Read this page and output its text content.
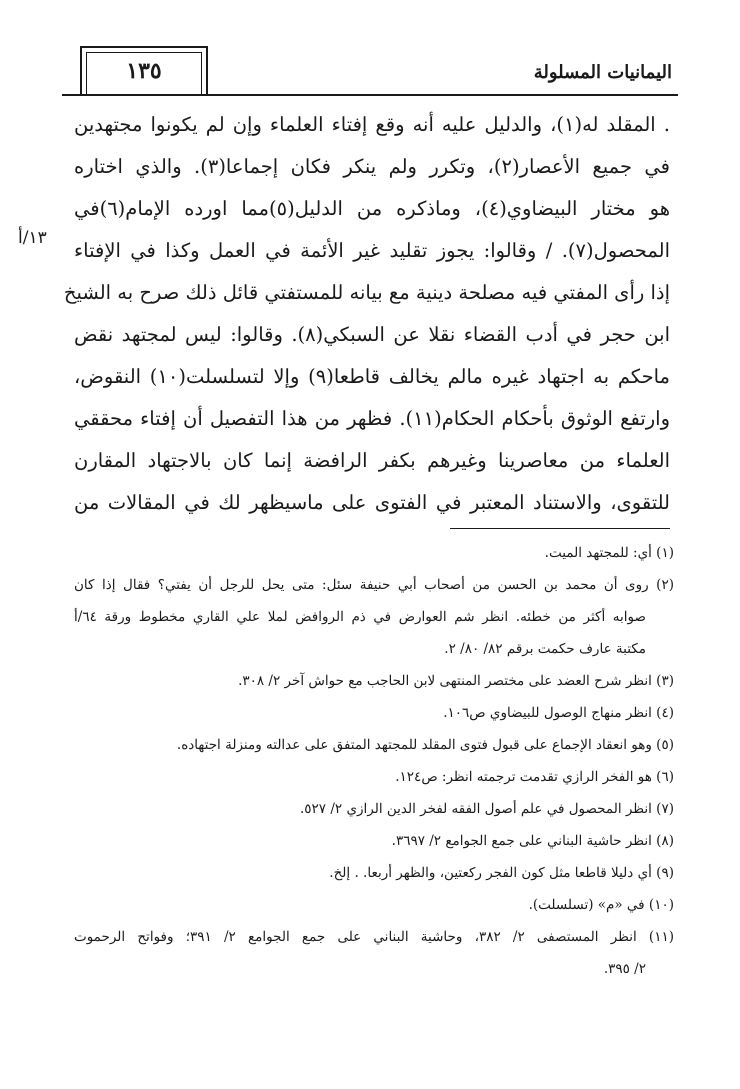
١٣٥	اليمانيات المسلولة
١٣/أ
. المقلد له(١)، والدليل عليه أنه وقع إفتاء العلماء وإن لم يكونوا مجتهدين
في جميع الأعصار(٢)، وتكرر ولم ينكر فكان إجماعا(٣). والذي اختاره
هو مختار البيضاوي(٤)، وماذكره من الدليل(٥)مما اورده الإمام(٦)في
المحصول(٧). / وقالوا: يجوز تقليد غير الأئمة في العمل وكذا في الإفتاء
إذا رأى المفتي فيه مصلحة دينية مع بيانه للمستفتي قائل ذلك صرح به الشيخ
ابن حجر في أدب القضاء نقلا عن السبكي(٨). وقالوا: ليس لمجتهد نقض
ماحكم به اجتهاد غيره مالم يخالف قاطعا(٩) وإلا لتسلسلت(١٠) النقوض،
وارتفع الوثوق بأحكام الحكام(١١). فظهر من هذا التفصيل أن إفتاء محققي
العلماء من معاصرينا وغيرهم بكفر الرافضة إنما كان بالاجتهاد المقارن
للتقوى، والاستناد المعتبر في الفتوى على ماسيظهر لك في المقالات من
(١) أي: للمجتهد الميت.
(٢) روى أن محمد بن الحسن من أصحاب أبي حنيفة سئل: متى يحل للرجل أن يفتي؟ فقال إذا كان
صوابه أكثر من خطئه. انظر شم العوارض في ذم الروافض لملا علي القاري مخطوط ورقة ٦٤/أ
مكتبة عارف حكمت برقم ٨٢/ ٨٠/ ٢.
(٣) انظر شرح العضد على مختصر المنتهى لابن الحاجب مع حواش آخر ٢/ ٣٠٨.
(٤) انظر منهاج الوصول للبيضاوي ص١٠٦.
(٥) وهو انعقاد الإجماع على قبول فتوى المقلد للمجتهد المتفق على عدالته ومنزلة اجتهاده.
(٦) هو الفخر الرازي تقدمت ترجمته انظر: ص١٢٤.
(٧) انظر المحصول في علم أصول الفقه لفخر الدين الرازي ٢/ ٥٢٧.
(٨) انظر حاشية البناني على جمع الجوامع ٢/ ٣٦٩٧.
(٩) أي دليلا قاطعا مثل كون الفجر ركعتين، والظهر أربعا. . إلخ.
(١٠) في «م» (تسلسلت).
(١١) انظر المستصفى ٢/ ٣٨٢، وحاشية البناني على جمع الجوامع ٢/ ٣٩١؛ وفواتح الرحموت
٢/ ٣٩٥.
